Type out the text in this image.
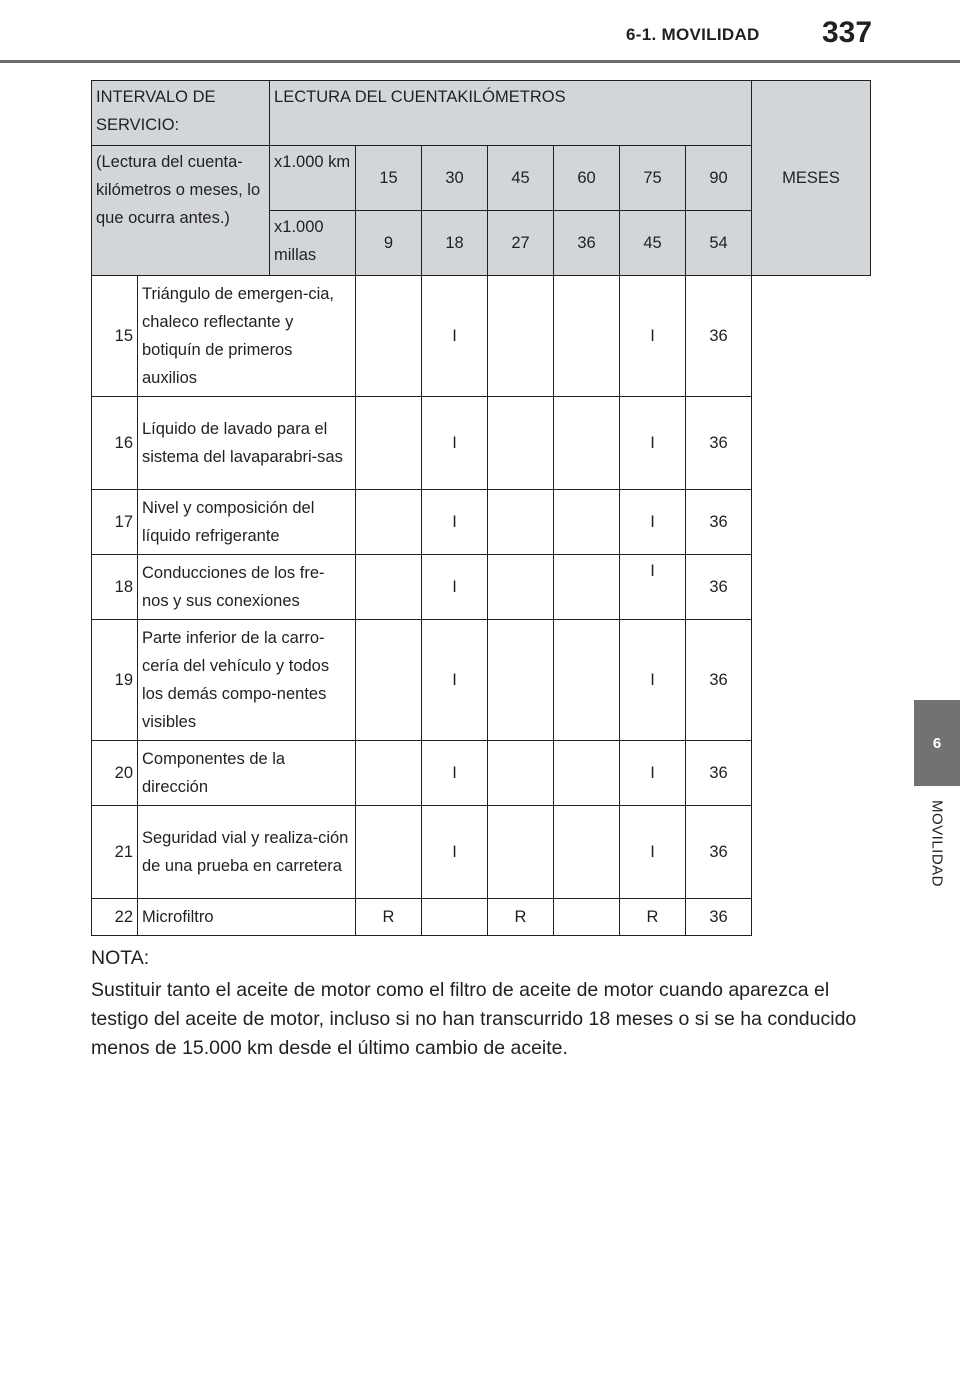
6-1. MOVILIDAD 337
6
MOVILIDAD
INTERVALO DE SERVICIO:		LECTURA DEL CUENTAKILÓMETROS							MESES
(Lectura del cuenta-kilómetros o meses, lo que ocurra antes.)		x1.000 km	15	30	45	60	75	90	
		x1.000 millas	9	18	27	36	45	54	
15	Triángulo de emergen-cia, chaleco reflectante y botiquín de primeros auxilios			I			I	36	
16	Líquido de lavado para el sistema del lavaparabri-sas			I			I	36	
17	Nivel y composición del líquido refrigerante			I			I	36	
18	Conducciones de los fre-nos y sus conexiones			I			I	36	
19	Parte inferior de la carro-cería del vehículo y todos los demás compo-nentes visibles			I			I	36	
20	Componentes de la dirección			I			I	36	
21	Seguridad vial y realiza-ción de una prueba en carretera			I			I	36	
22	Microfiltro		R		R		R	36	
NOTA:
Sustituir tanto el aceite de motor como el filtro de aceite de motor cuando aparezca el testigo del aceite de motor, incluso si no han transcurrido 18 meses o si se ha conducido menos de 15.000 km desde el último cambio de aceite.
